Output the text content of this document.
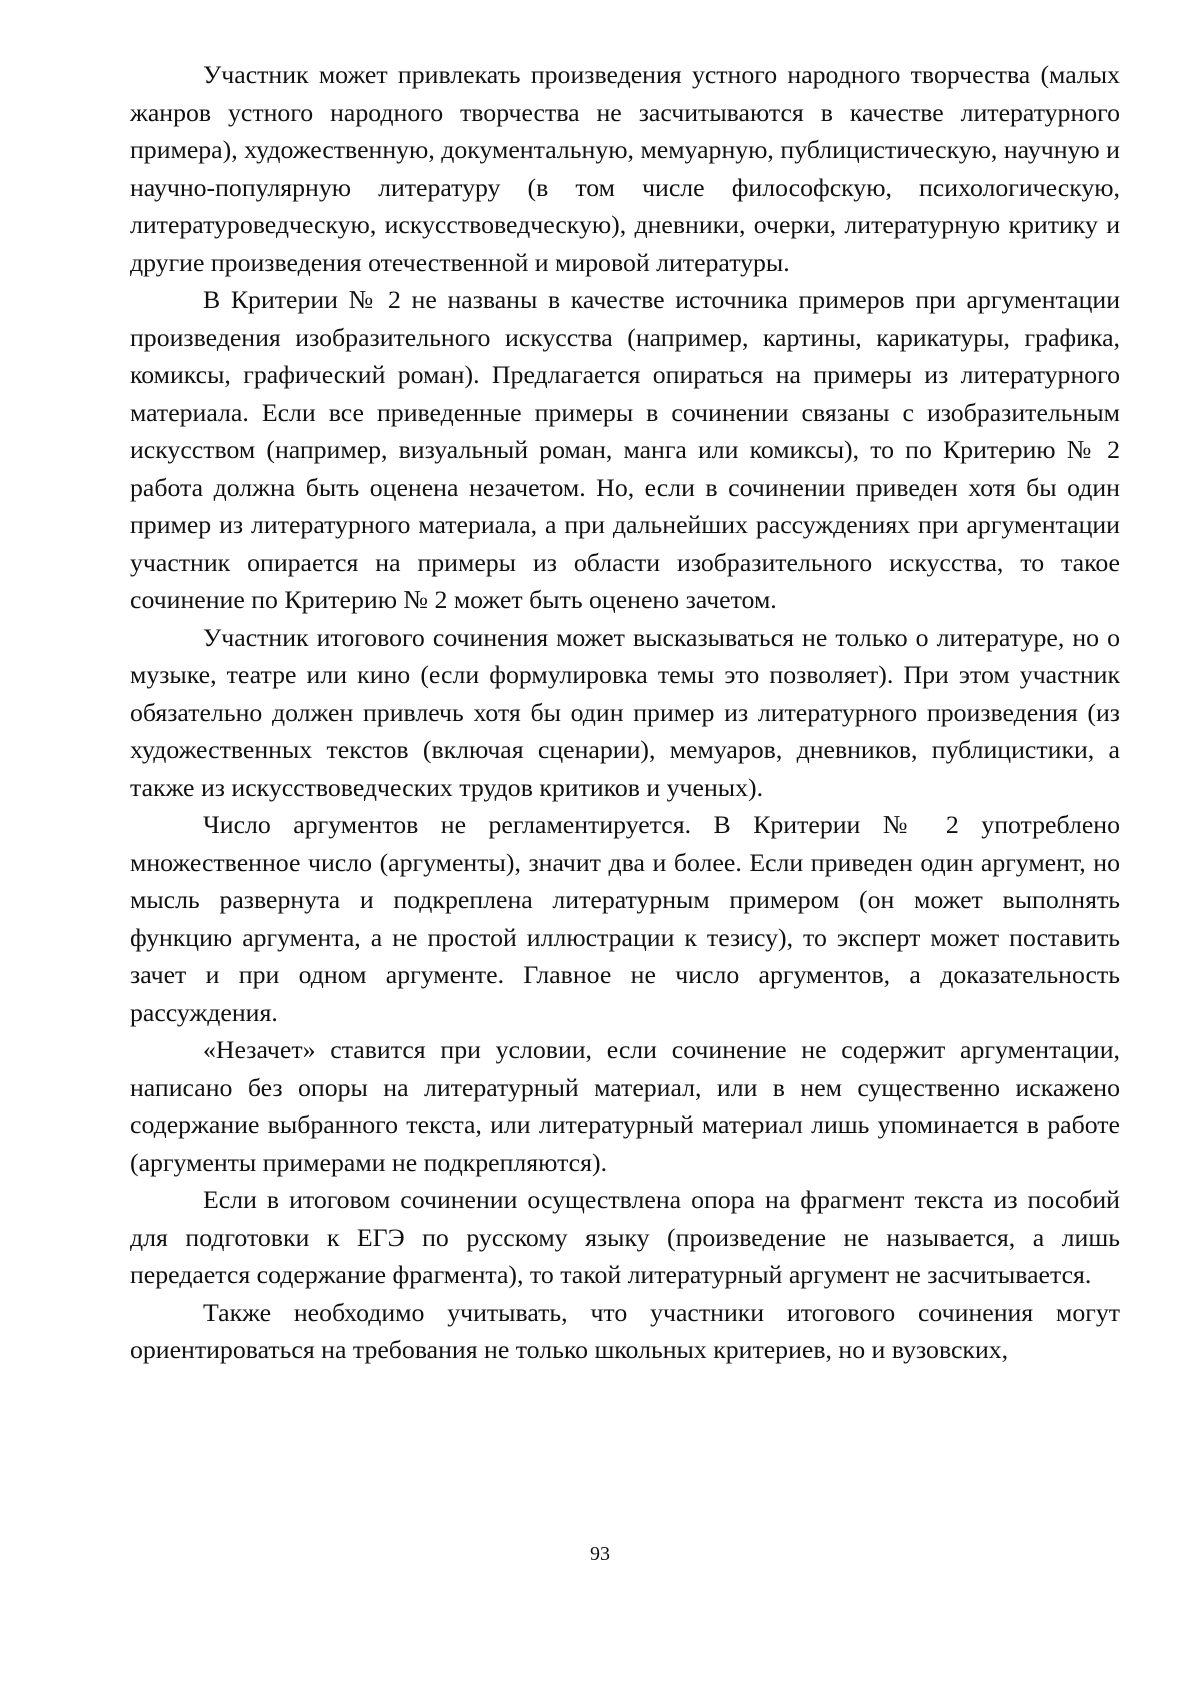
Участник может привлекать произведения устного народного творчества (малых жанров устного народного творчества не засчитываются в качестве литературного примера), художественную, документальную, мемуарную, публицистическую, научную и научно-популярную литературу (в том числе философскую, психологическую, литературоведческую, искусствоведческую), дневники, очерки, литературную критику и другие произведения отечественной и мировой литературы.

В Критерии № 2 не названы в качестве источника примеров при аргументации произведения изобразительного искусства (например, картины, карикатуры, графика, комиксы, графический роман). Предлагается опираться на примеры из литературного материала. Если все приведенные примеры в сочинении связаны с изобразительным искусством (например, визуальный роман, манга или комиксы), то по Критерию № 2 работа должна быть оценена незачетом. Но, если в сочинении приведен хотя бы один пример из литературного материала, а при дальнейших рассуждениях при аргументации участник опирается на примеры из области изобразительного искусства, то такое сочинение по Критерию № 2 может быть оценено зачетом.

Участник итогового сочинения может высказываться не только о литературе, но о музыке, театре или кино (если формулировка темы это позволяет). При этом участник обязательно должен привлечь хотя бы один пример из литературного произведения (из художественных текстов (включая сценарии), мемуаров, дневников, публицистики, а также из искусствоведческих трудов критиков и ученых).

Число аргументов не регламентируется. В Критерии № 2 употреблено множественное число (аргументы), значит два и более. Если приведен один аргумент, но мысль развернута и подкреплена литературным примером (он может выполнять функцию аргумента, а не простой иллюстрации к тезису), то эксперт может поставить зачет и при одном аргументе. Главное не число аргументов, а доказательность рассуждения.

«Незачет» ставится при условии, если сочинение не содержит аргументации, написано без опоры на литературный материал, или в нем существенно искажено содержание выбранного текста, или литературный материал лишь упоминается в работе (аргументы примерами не подкрепляются).

Если в итоговом сочинении осуществлена опора на фрагмент текста из пособий для подготовки к ЕГЭ по русскому языку (произведение не называется, а лишь передается содержание фрагмента), то такой литературный аргумент не засчитывается.

Также необходимо учитывать, что участники итогового сочинения могут ориентироваться на требования не только школьных критериев, но и вузовских,

93
